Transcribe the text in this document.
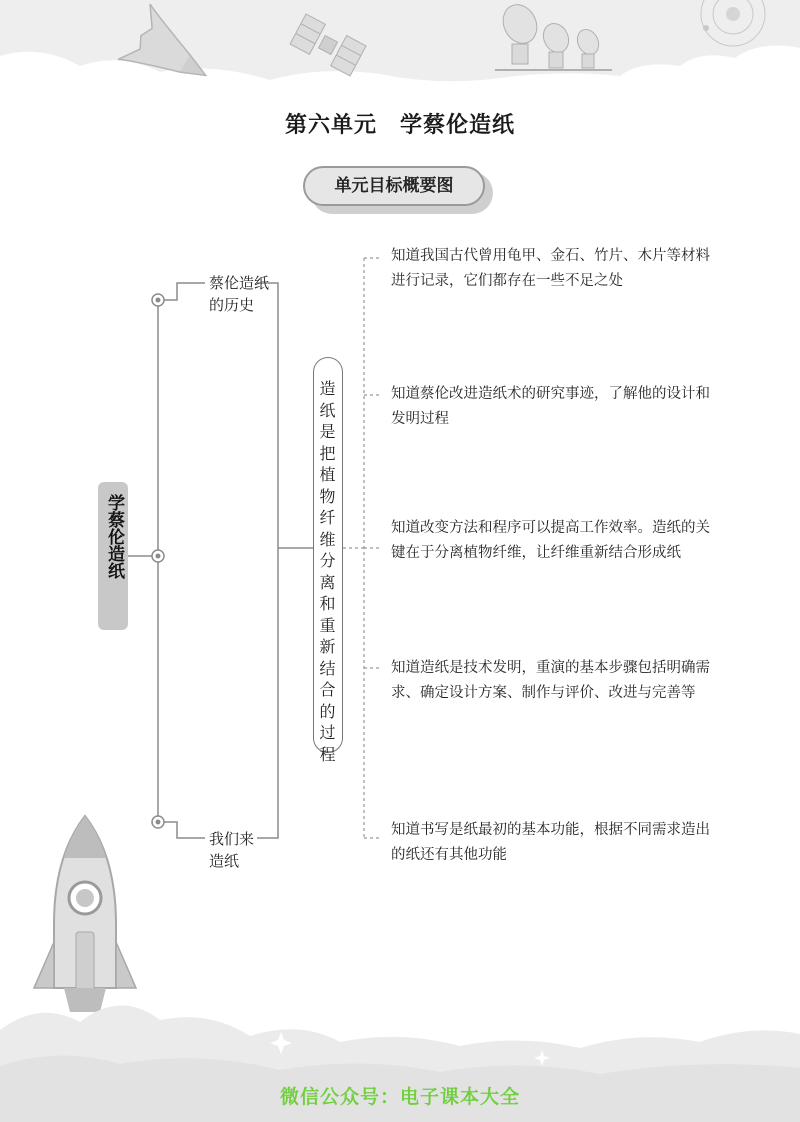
第六单元　学蔡伦造纸
单元目标概要图
学蔡伦造纸
蔡伦造纸
的历史
我们来
造纸
造
纸
是
把
植
物
纤
维
分
离
和
重
新
结
合
的
过
程
知道我国古代曾用龟甲、金石、竹片、木片等材料进行记录，它们都存在一些不足之处
知道蔡伦改进造纸术的研究事迹，了解他的设计和发明过程
知道改变方法和程序可以提高工作效率。造纸的关键在于分离植物纤维，让纤维重新结合形成纸
知道造纸是技术发明，重演的基本步骤包括明确需求、确定设计方案、制作与评价、改进与完善等
知道书写是纸最初的基本功能，根据不同需求造出的纸还有其他功能
微信公众号：电子课本大全
